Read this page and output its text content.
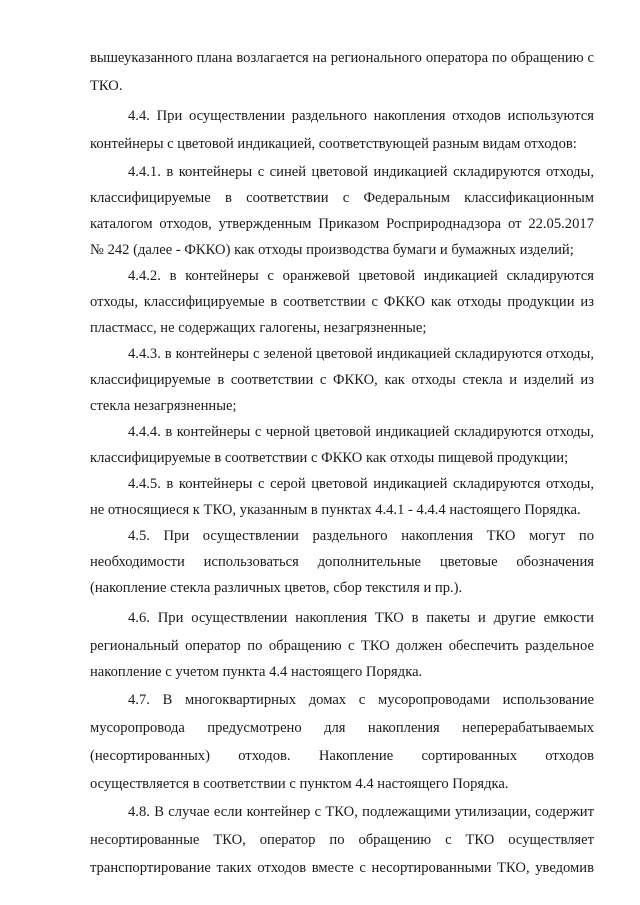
вышеуказанного плана возлагается на регионального оператора по обращению с
ТКО.
4.4. При осуществлении раздельного накопления отходов используются
контейнеры с цветовой индикацией, соответствующей разным видам отходов:
4.4.1. в контейнеры с синей цветовой индикацией складируются отходы,
классифицируемые в соответствии с Федеральным классификационным
каталогом отходов, утвержденным Приказом Росприроднадзора от 22.05.2017
№ 242 (далее - ФККО) как отходы производства бумаги и бумажных изделий;
4.4.2. в контейнеры с оранжевой цветовой индикацией складируются
отходы, классифицируемые в соответствии с ФККО как отходы продукции из
пластмасс, не содержащих галогены, незагрязненные;
4.4.3. в контейнеры с зеленой цветовой индикацией складируются отходы,
классифицируемые в соответствии с ФККО, как отходы стекла и изделий из
стекла незагрязненные;
4.4.4. в контейнеры с черной цветовой индикацией складируются отходы,
классифицируемые в соответствии с ФККО как отходы пищевой продукции;
4.4.5. в контейнеры с серой цветовой индикацией складируются отходы,
не относящиеся к ТКО, указанным в пунктах 4.4.1 - 4.4.4 настоящего Порядка.
4.5. При осуществлении раздельного накопления ТКО могут по
необходимости использоваться дополнительные цветовые обозначения
(накопление стекла различных цветов, сбор текстиля и пр.).
4.6. При осуществлении накопления ТКО в пакеты и другие емкости
региональный оператор по обращению с ТКО должен обеспечить раздельное
накопление с учетом пункта 4.4 настоящего Порядка.
4.7. В многоквартирных домах с мусоропроводами использование
мусоропровода предусмотрено для накопления неперерабатываемых
(несортированных) отходов. Накопление сортированных отходов
осуществляется в соответствии с пунктом 4.4 настоящего Порядка.
4.8. В случае если контейнер с ТКО, подлежащими утилизации, содержит
несортированные ТКО, оператор по обращению с ТКО осуществляет
транспортирование таких отходов вместе с несортированными ТКО, уведомив
